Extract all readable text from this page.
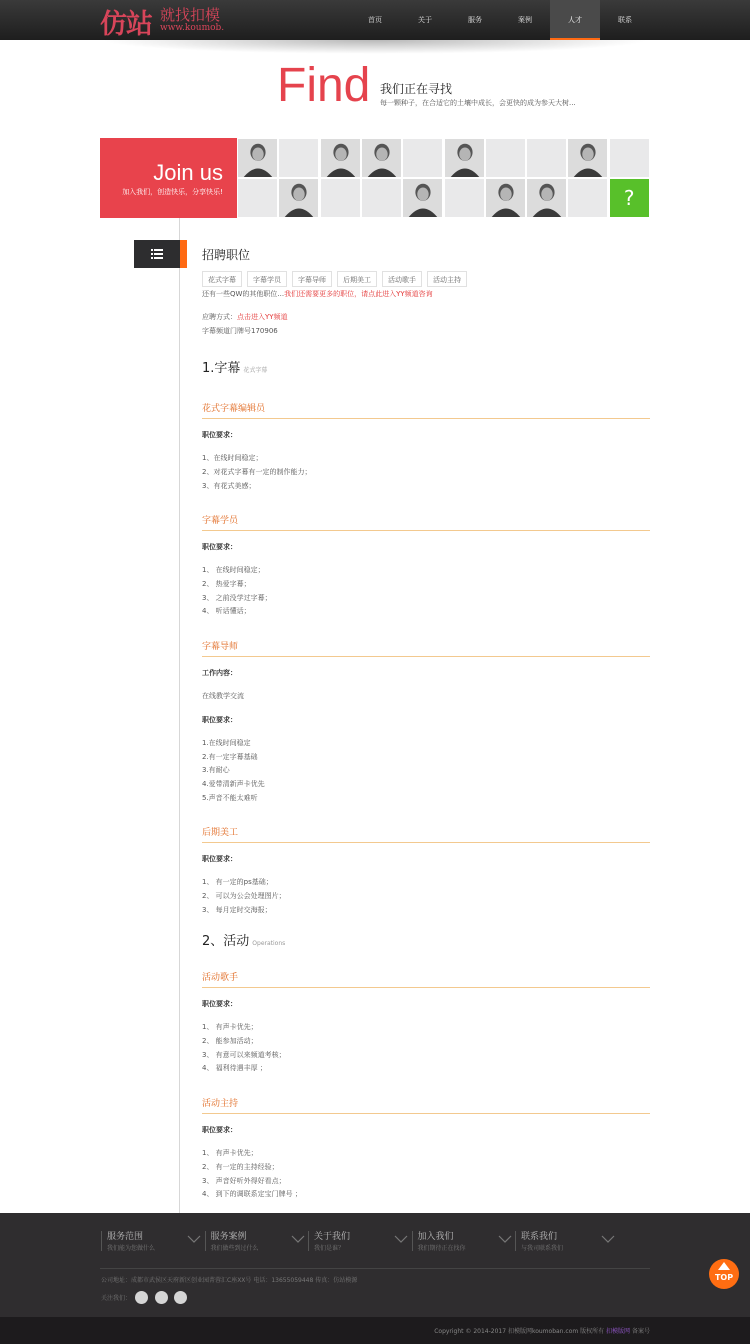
仿站 就找扣模
www.koumob.
首页	关于	服务	案例	人才	联系
Find 我们正在寻找
每一颗种子，在合适它的土壤中成长，会更快的成为参天大树...
Join us
加入我们，创造快乐，分享快乐!	?
招聘职位
花式字幕	字幕学员	字幕导师	后期美工	活动歌手	活动主持
还有一些QW的其他职位...我们还需要更多的职位，请点此进入YY频道咨询
应聘方式：点击进入YY频道
字幕频道门牌号170906
1.字幕 花式字幕
花式字幕编辑员
职位要求：
1、在线时间稳定；
2、对花式字幕有一定的制作能力；
3、有花式美感；
字幕学员
职位要求：
1、 在线时间稳定；
2、 热爱字幕；
3、 之前没学过字幕；
4、 听话懂话；
字幕导师
工作内容：
在线教学交流
职位要求：
1.在线时间稳定
2.有一定字幕基础
3.有耐心
4.爱带清新声卡优先
5.声音不能太难听
后期美工
职位要求：
1、 有一定的ps基础；
2、 可以为公会处理图片；
3、 每月定时交海报；
2、活动 Operations
活动歌手
职位要求：
1、 有声卡优先；
2、 能参加活动；
3、 有意可以来频道考核；
4、 福利待遇丰厚 ；
活动主持
职位要求：
1、 有声卡优先；
2、 有一定的主持经验；
3、 声音好听外得好看点；
4、 到下的调联系定宝门牌号 ；
服务范围
我们能为您做什么
服务案例
我们做些到过什么
关于我们
我们是谁？
加入我们
我们期待正在找你
联系我们
与我司联系我们
公司地址：成都市武侯区天府新区创业园菁蓉汇C座XX号 电话：13655059448 传真：仿站模源
关注我们：
Copyright © 2014-2017 扣模版网koumoban.com 版权所有 扣模版网 备案号
TOP
